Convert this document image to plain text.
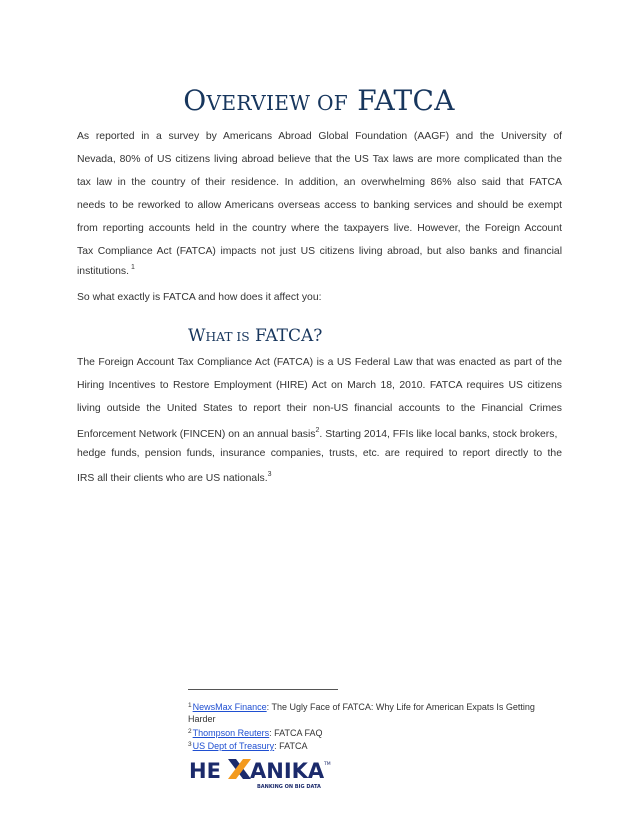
OVERVIEW OF FATCA
As reported in a survey by Americans Abroad Global Foundation (AAGF) and the University of
Nevada, 80% of US citizens living abroad believe that the US Tax laws are more complicated than the
tax law in the country of their residence. In addition, an overwhelming 86% also said that FATCA
needs to be reworked to allow Americans overseas access to banking services and should be exempt
from reporting accounts held in the country where the taxpayers live. However, the Foreign Account
Tax Compliance Act (FATCA) impacts not just US citizens living abroad, but also banks and financial
institutions. $^1$
So what exactly is FATCA and how does it affect you:
WHAT IS FATCA?
The Foreign Account Tax Compliance Act (FATCA) is a US Federal Law that was enacted as part of the
Hiring Incentives to Restore Employment (HIRE) Act on March 18, 2010. FATCA requires US citizens
living outside the United States to report their non-US financial accounts to the Financial Crimes
Enforcement Network (FINCEN) on an annual basis$^2$. Starting 2014, FFIs like local banks, stock brokers,
hedge funds, pension funds, insurance companies, trusts, etc. are required to report directly to the
IRS all their clients who are US nationals.$^3$
$^1$NewsMax Finance: The Ugly Face of FATCA: Why Life for American Expats Is Getting
Harder
$^2$Thompson Reuters: FATCA FAQ
$^3$US Dept of Treasury: FATCA
HE ANIKA TM
BANKING ON BIG DATA
